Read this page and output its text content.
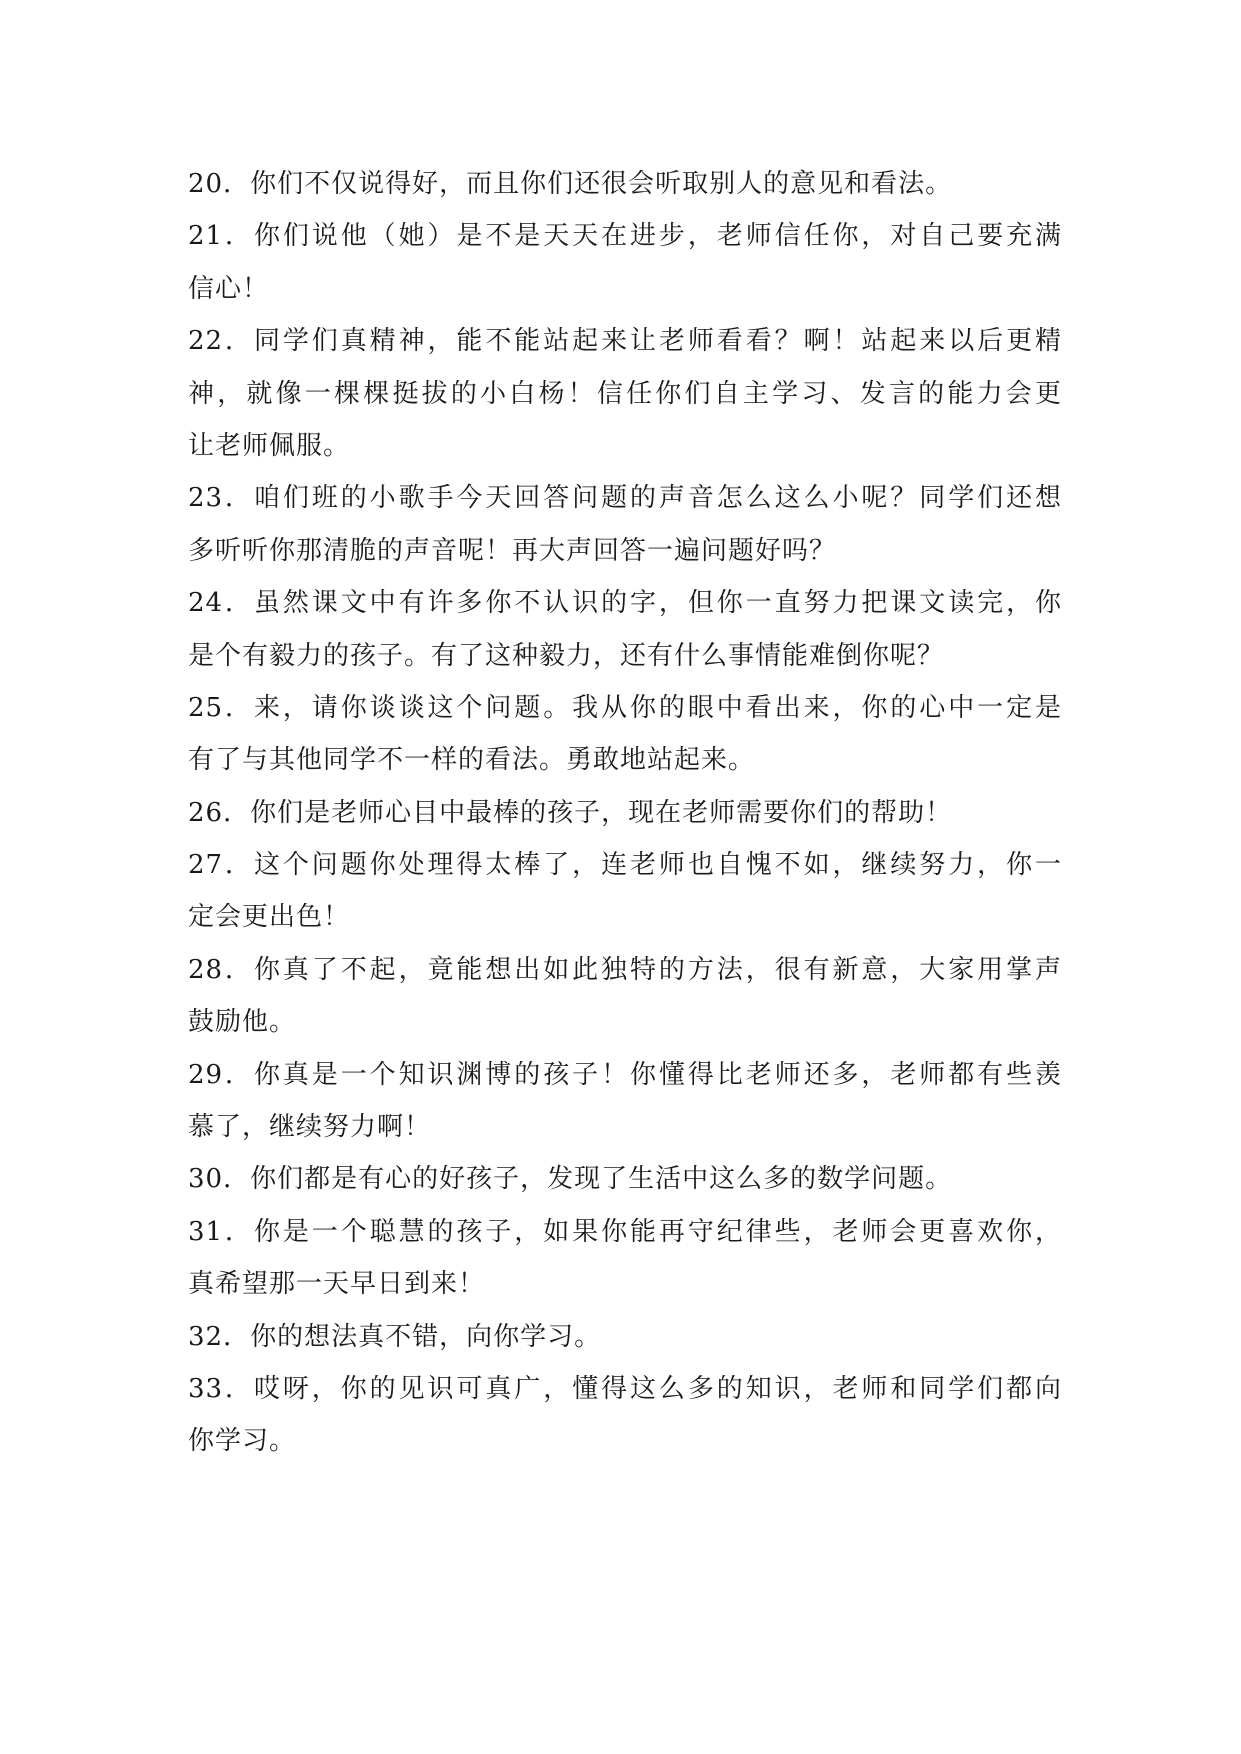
20．你们不仅说得好，而且你们还很会听取别人的意见和看法。
21．你们说他（她）是不是天天在进步，老师信任你，对自己要充满
信心！
22．同学们真精神，能不能站起来让老师看看？啊！站起来以后更精
神，就像一棵棵挺拔的小白杨！信任你们自主学习、发言的能力会更
让老师佩服。
23．咱们班的小歌手今天回答问题的声音怎么这么小呢？同学们还想
多听听你那清脆的声音呢！再大声回答一遍问题好吗？
24．虽然课文中有许多你不认识的字，但你一直努力把课文读完，你
是个有毅力的孩子。有了这种毅力，还有什么事情能难倒你呢？
25．来，请你谈谈这个问题。我从你的眼中看出来，你的心中一定是
有了与其他同学不一样的看法。勇敢地站起来。
26．你们是老师心目中最棒的孩子，现在老师需要你们的帮助！
27．这个问题你处理得太棒了，连老师也自愧不如，继续努力，你一
定会更出色！
28．你真了不起，竟能想出如此独特的方法，很有新意，大家用掌声
鼓励他。
29．你真是一个知识渊博的孩子！你懂得比老师还多，老师都有些羡
慕了，继续努力啊！
30．你们都是有心的好孩子，发现了生活中这么多的数学问题。
31．你是一个聪慧的孩子，如果你能再守纪律些，老师会更喜欢你，
真希望那一天早日到来！
32．你的想法真不错，向你学习。
33．哎呀，你的见识可真广，懂得这么多的知识，老师和同学们都向
你学习。
